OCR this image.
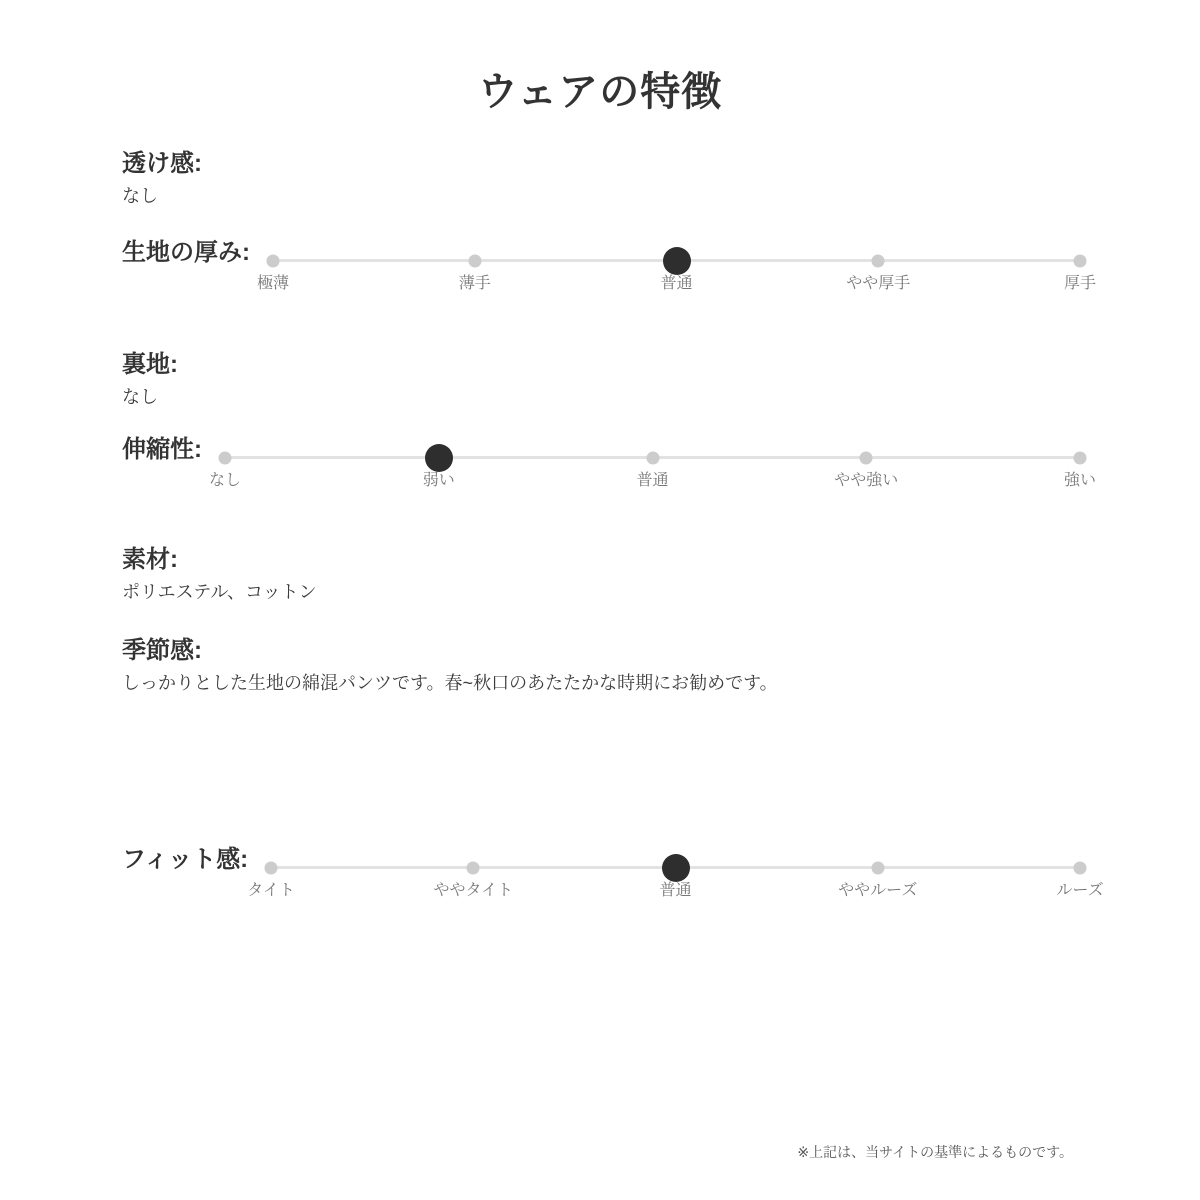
ウェアの特徴
透け感:
なし
生地の厚み:
極薄	薄手	普通	やや厚手	厚手
裏地:
なし
伸縮性:
なし	弱い	普通	やや強い	強い
素材:
ポリエステル、コットン
季節感:
しっかりとした生地の綿混パンツです。春~秋口のあたたかな時期にお勧めです。
フィット感:
タイト	ややタイト	普通	ややルーズ	ルーズ
※上記は、当サイトの基準によるものです。
